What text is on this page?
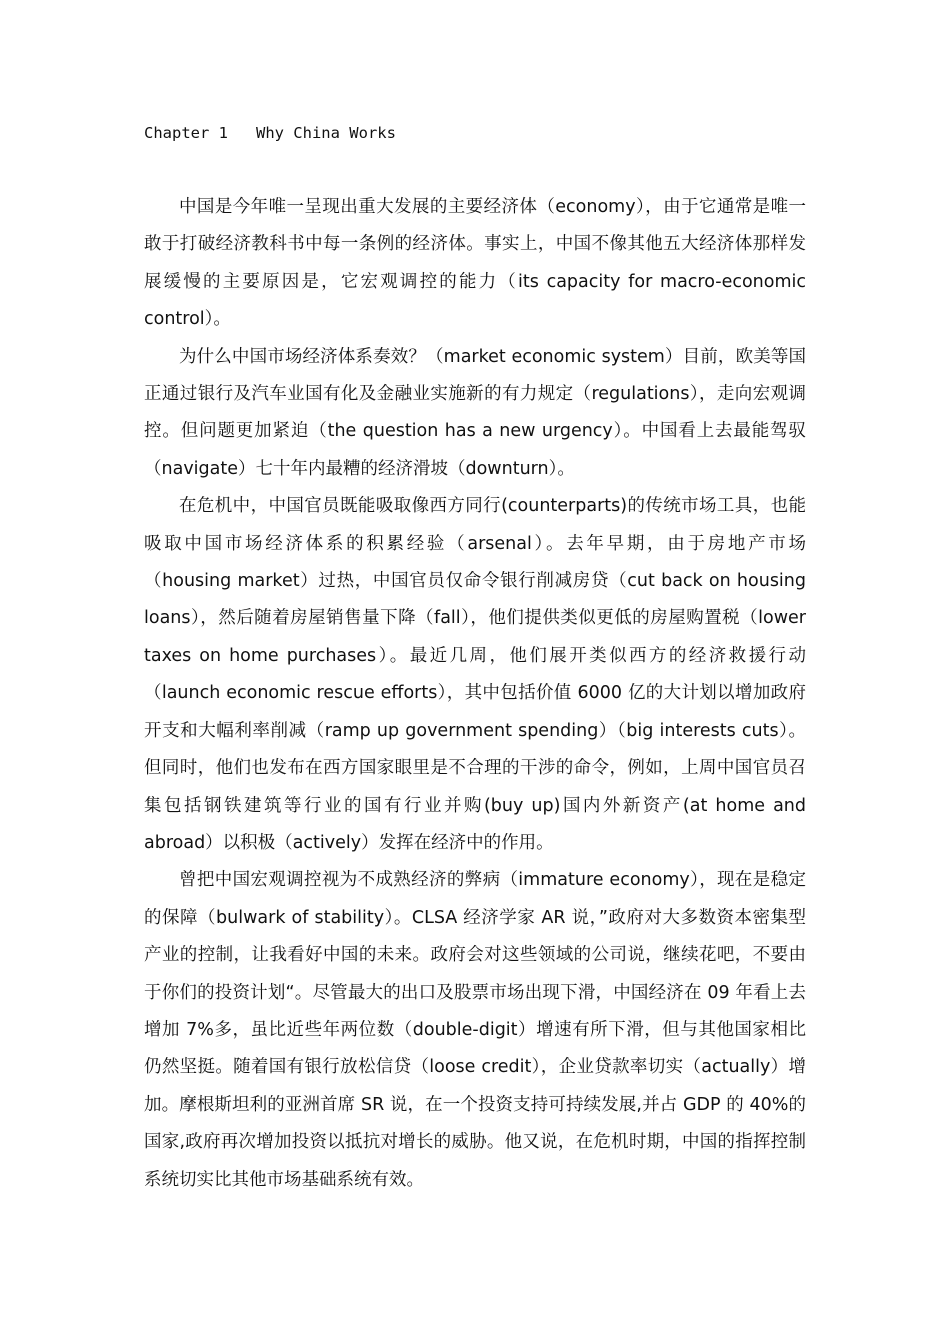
Chapter 1   Why China Works

中国是今年唯一呈现出重大发展的主要经济体（economy），由于它通常是唯一敢于打破经济教科书中每一条例的经济体。事实上，中国不像其他五大经济体那样发展缓慢的主要原因是，它宏观调控的能力（its capacity for macro-economic control）。

为什么中国市场经济体系奏效？（market economic system）目前，欧美等国正通过银行及汽车业国有化及金融业实施新的有力规定（regulations），走向宏观调控。但问题更加紧迫（the question has a new urgency）。中国看上去最能驾驭（navigate）七十年内最糟的经济滑坡（downturn）。

在危机中，中国官员既能吸取像西方同行(counterparts)的传统市场工具，也能吸取中国市场经济体系的积累经验（arsenal）。去年早期，由于房地产市场（housing market）过热，中国官员仅命令银行削减房贷（cut back on housing loans），然后随着房屋销售量下降（fall），他们提供类似更低的房屋购置税（lower taxes on home purchases）。最近几周，他们展开类似西方的经济救援行动（launch economic rescue efforts），其中包括价值 6000 亿的大计划以增加政府开支和大幅利率削减（ramp up government spending）（big interests cuts）。但同时，他们也发布在西方国家眼里是不合理的干涉的命令，例如，上周中国官员召集包括钢铁建筑等行业的国有行业并购(buy up)国内外新资产(at home and abroad）以积极（actively）发挥在经济中的作用。

曾把中国宏观调控视为不成熟经济的弊病（immature economy），现在是稳定的保障（bulwark of stability）。CLSA 经济学家 AR 说，”政府对大多数资本密集型产业的控制，让我看好中国的未来。政府会对这些领域的公司说，继续花吧，不要由于你们的投资计划“。尽管最大的出口及股票市场出现下滑，中国经济在 09 年看上去增加 7%多，虽比近些年两位数（double-digit）增速有所下滑，但与其他国家相比仍然坚挺。随着国有银行放松信贷（loose credit），企业贷款率切实（actually）增加。摩根斯坦利的亚洲首席 SR 说，在一个投资支持可持续发展,并占 GDP 的 40%的国家,政府再次增加投资以抵抗对增长的威胁。他又说，在危机时期，中国的指挥控制系统切实比其他市场基础系统有效。
